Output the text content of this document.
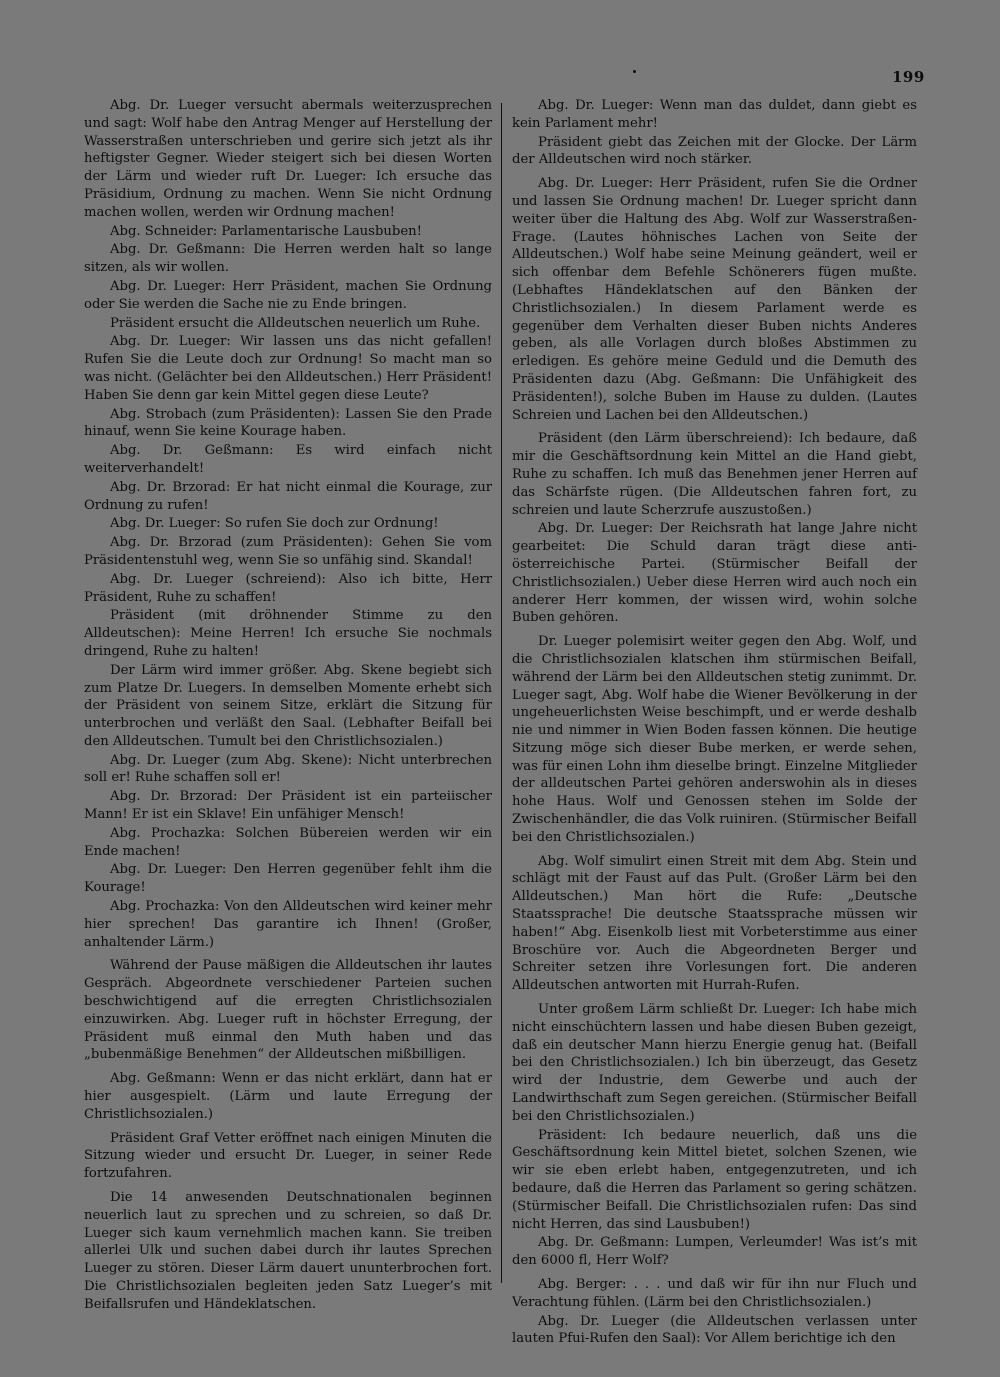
199

Abg. Dr. Lueger versucht abermals weiterzusprechen und sagt: Wolf habe den Antrag Menger auf Herstellung der Wasserstraßen unterschrieben und gerire sich jetzt als ihr heftigster Gegner. Wieder steigert sich bei diesen Worten der Lärm und wieder ruft Dr. Lueger: Ich ersuche das Präsidium, Ordnung zu machen. Wenn Sie nicht Ordnung machen wollen, werden wir Ordnung machen!

Abg. Schneider: Parlamentarische Lausbuben!

Abg. Dr. Geßmann: Die Herren werden halt so lange sitzen, als wir wollen.

Abg. Dr. Lueger: Herr Präsident, machen Sie Ordnung oder Sie werden die Sache nie zu Ende bringen.

Präsident ersucht die Alldeutschen neuerlich um Ruhe.

Abg. Dr. Lueger: Wir lassen uns das nicht gefallen! Rufen Sie die Leute doch zur Ordnung! So macht man so was nicht. (Gelächter bei den Alldeutschen.) Herr Präsident! Haben Sie denn gar kein Mittel gegen diese Leute?

Abg. Strobach (zum Präsidenten): Lassen Sie den Prade hinauf, wenn Sie keine Kourage haben.

Abg. Dr. Geßmann: Es wird einfach nicht weiterverhandelt!

Abg. Dr. Brzorad: Er hat nicht einmal die Kourage, zur Ordnung zu rufen!

Abg. Dr. Lueger: So rufen Sie doch zur Ordnung!

Abg. Dr. Brzorad (zum Präsidenten): Gehen Sie vom Präsidentenstuhl weg, wenn Sie so unfähig sind. Skandal!

Abg. Dr. Lueger (schreiend): Also ich bitte, Herr Präsident, Ruhe zu schaffen!

Präsident (mit dröhnender Stimme zu den Alldeutschen): Meine Herren! Ich ersuche Sie nochmals dringend, Ruhe zu halten!

Der Lärm wird immer größer. Abg. Skene begiebt sich zum Platze Dr. Luegers. In demselben Momente erhebt sich der Präsident von seinem Sitze, erklärt die Sitzung für unterbrochen und verläßt den Saal. (Lebhafter Beifall bei den Alldeutschen. Tumult bei den Christlichsozialen.)

Abg. Dr. Lueger (zum Abg. Skene): Nicht unterbrechen soll er! Ruhe schaffen soll er!

Abg. Dr. Brzorad: Der Präsident ist ein parteiischer Mann! Er ist ein Sklave! Ein unfähiger Mensch!

Abg. Prochazka: Solchen Bübereien werden wir ein Ende machen!

Abg. Dr. Lueger: Den Herren gegenüber fehlt ihm die Kourage!

Abg. Prochazka: Von den Alldeutschen wird keiner mehr hier sprechen! Das garantire ich Ihnen! (Großer, anhaltender Lärm.)

Während der Pause mäßigen die Alldeutschen ihr lautes Gespräch. Abgeordnete verschiedener Parteien suchen beschwichtigend auf die erregten Christlichsozialen einzuwirken. Abg. Lueger ruft in höchster Erregung, der Präsident muß einmal den Muth haben und das „bubenmäßige Benehmen“ der Alldeutschen mißbilligen.

Abg. Geßmann: Wenn er das nicht erklärt, dann hat er hier ausgespielt. (Lärm und laute Erregung der Christlichsozialen.)

Präsident Graf Vetter eröffnet nach einigen Minuten die Sitzung wieder und ersucht Dr. Lueger, in seiner Rede fortzufahren.

Die 14 anwesenden Deutschnationalen beginnen neuerlich laut zu sprechen und zu schreien, so daß Dr. Lueger sich kaum vernehmlich machen kann. Sie treiben allerlei Ulk und suchen dabei durch ihr lautes Sprechen Lueger zu stören. Dieser Lärm dauert ununterbrochen fort. Die Christlichsozialen begleiten jeden Satz Lueger’s mit Beifallsrufen und Händeklatschen.

Abg. Dr. Lueger: Wenn man das duldet, dann giebt es kein Parlament mehr!

Präsident giebt das Zeichen mit der Glocke. Der Lärm der Alldeutschen wird noch stärker.

Abg. Dr. Lueger: Herr Präsident, rufen Sie die Ordner und lassen Sie Ordnung machen! Dr. Lueger spricht dann weiter über die Haltung des Abg. Wolf zur Wasserstraßen-Frage. (Lautes höhnisches Lachen von Seite der Alldeutschen.) Wolf habe seine Meinung geändert, weil er sich offenbar dem Befehle Schönerers fügen mußte. (Lebhaftes Händeklatschen auf den Bänken der Christlichsozialen.) In diesem Parlament werde es gegenüber dem Verhalten dieser Buben nichts Anderes geben, als alle Vorlagen durch bloßes Abstimmen zu erledigen. Es gehöre meine Geduld und die Demuth des Präsidenten dazu (Abg. Geßmann: Die Unfähigkeit des Präsidenten!), solche Buben im Hause zu dulden. (Lautes Schreien und Lachen bei den Alldeutschen.)

Präsident (den Lärm überschreiend): Ich bedaure, daß mir die Geschäftsordnung kein Mittel an die Hand giebt, Ruhe zu schaffen. Ich muß das Benehmen jener Herren auf das Schärfste rügen. (Die Alldeutschen fahren fort, zu schreien und laute Scherzrufe auszustoßen.)

Abg. Dr. Lueger: Der Reichsrath hat lange Jahre nicht gearbeitet: Die Schuld daran trägt diese anti-österreichische Partei. (Stürmischer Beifall der Christlichsozialen.) Ueber diese Herren wird auch noch ein anderer Herr kommen, der wissen wird, wohin solche Buben gehören.

Dr. Lueger polemisirt weiter gegen den Abg. Wolf, und die Christlichsozialen klatschen ihm stürmischen Beifall, während der Lärm bei den Alldeutschen stetig zunimmt. Dr. Lueger sagt, Abg. Wolf habe die Wiener Bevölkerung in der ungeheuerlichsten Weise beschimpft, und er werde deshalb nie und nimmer in Wien Boden fassen können. Die heutige Sitzung möge sich dieser Bube merken, er werde sehen, was für einen Lohn ihm dieselbe bringt. Einzelne Mitglieder der alldeutschen Partei gehören anderswohin als in dieses hohe Haus. Wolf und Genossen stehen im Solde der Zwischenhändler, die das Volk ruiniren. (Stürmischer Beifall bei den Christlichsozialen.)

Abg. Wolf simulirt einen Streit mit dem Abg. Stein und schlägt mit der Faust auf das Pult. (Großer Lärm bei den Alldeutschen.) Man hört die Rufe: „Deutsche Staatssprache! Die deutsche Staatssprache müssen wir haben!“ Abg. Eisenkolb liest mit Vorbeterstimme aus einer Broschüre vor. Auch die Abgeordneten Berger und Schreiter setzen ihre Vorlesungen fort. Die anderen Alldeutschen antworten mit Hurrah-Rufen.

Unter großem Lärm schließt Dr. Lueger: Ich habe mich nicht einschüchtern lassen und habe diesen Buben gezeigt, daß ein deutscher Mann hierzu Energie genug hat. (Beifall bei den Christlichsozialen.) Ich bin überzeugt, das Gesetz wird der Industrie, dem Gewerbe und auch der Landwirthschaft zum Segen gereichen. (Stürmischer Beifall bei den Christlichsozialen.)

Präsident: Ich bedaure neuerlich, daß uns die Geschäftsordnung kein Mittel bietet, solchen Szenen, wie wir sie eben erlebt haben, entgegenzutreten, und ich bedaure, daß die Herren das Parlament so gering schätzen. (Stürmischer Beifall. Die Christlichsozialen rufen: Das sind nicht Herren, das sind Lausbuben!)

Abg. Dr. Geßmann: Lumpen, Verleumder! Was ist’s mit den 6000 fl, Herr Wolf?

Abg. Berger: . . . und daß wir für ihn nur Fluch und Verachtung fühlen. (Lärm bei den Christlichsozialen.)

Abg. Dr. Lueger (die Alldeutschen verlassen unter lauten Pfui-Rufen den Saal): Vor Allem berichtige ich den
